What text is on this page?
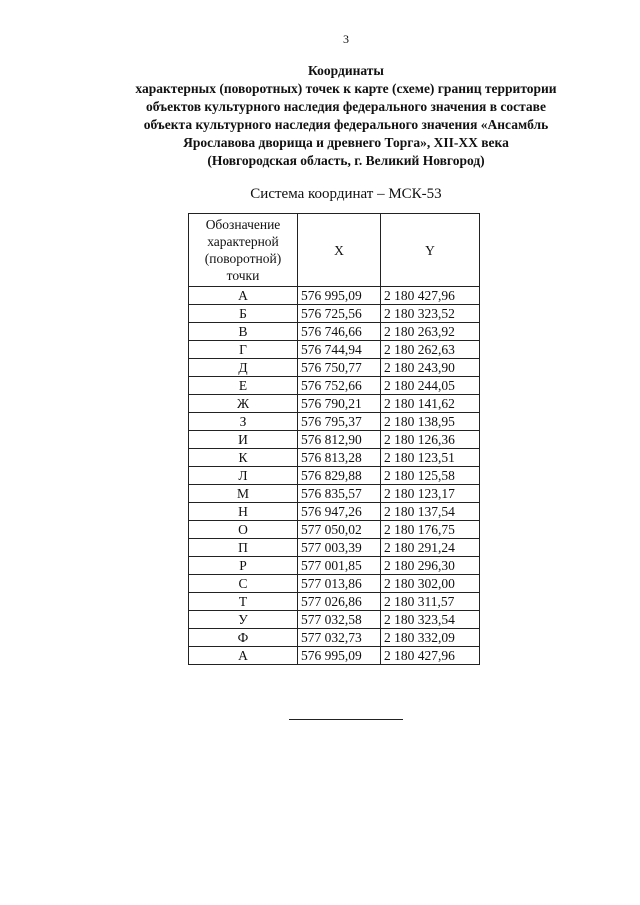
3
Координаты
характерных (поворотных) точек к карте (схеме) границ территории
объектов культурного наследия федерального значения в составе
объекта культурного наследия федерального значения «Ансамбль
Ярославова дворища и древнего Торга», XII-XX века
(Новгородская область, г. Великий Новгород)
Система координат – МСК-53
Обозначение
характерной
(поворотной)
точки	X	Y
А	576 995,09	2 180 427,96
Б	576 725,56	2 180 323,52
В	576 746,66	2 180 263,92
Г	576 744,94	2 180 262,63
Д	576 750,77	2 180 243,90
Е	576 752,66	2 180 244,05
Ж	576 790,21	2 180 141,62
З	576 795,37	2 180 138,95
И	576 812,90	2 180 126,36
К	576 813,28	2 180 123,51
Л	576 829,88	2 180 125,58
М	576 835,57	2 180 123,17
Н	576 947,26	2 180 137,54
О	577 050,02	2 180 176,75
П	577 003,39	2 180 291,24
Р	577 001,85	2 180 296,30
С	577 013,86	2 180 302,00
Т	577 026,86	2 180 311,57
У	577 032,58	2 180 323,54
Ф	577 032,73	2 180 332,09
А	576 995,09	2 180 427,96
